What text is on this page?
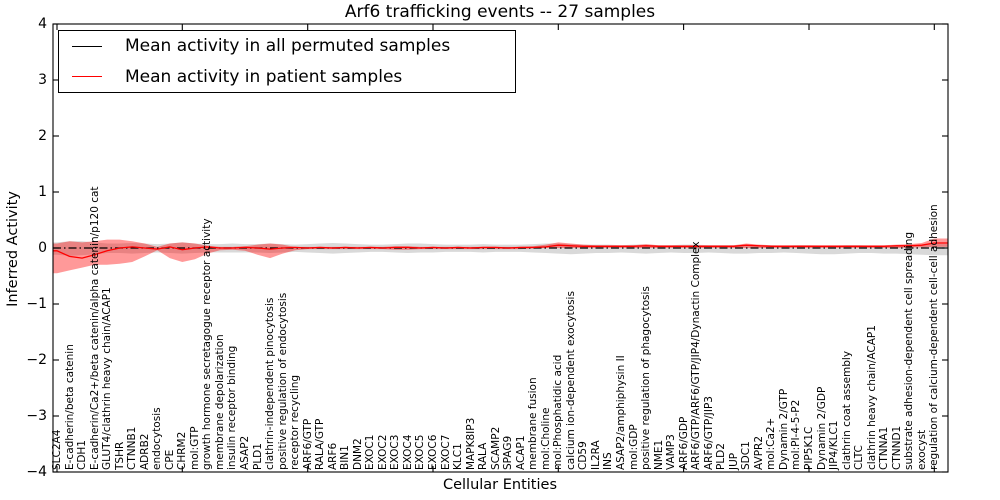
Arf6 trafficking events -- 27 samples
Inferred Activity
Cellular Entities
4
3
2
1
0
−1
−2
−3
−4
SLC2A4 E-cadherin/beta catenin CDH1 E-cadherin/Ca2+/beta catenin/alpha catenin/p120 cat GLUT4/clathrin heavy chain/ACAP1 TSHR CTNNB1 ADRB2 endocytosis CPE CHRM2 mol:GTP growth hormone secretagogue receptor activity membrane depolarization insulin receptor binding ASAP2 PLD1 clathrin-independent pinocytosis positive regulation of endocytosis receptor recycling ARF6/GTP RALA/GTP ARF6 BIN1 DNM2 EXOC1 EXOC2 EXOC3 EXOC4 EXOC5 EXOC6 EXOC7 KLC1 MAPK8IP3 RALA SCAMP2 SPAG9 ACAP1 membrane fusion mol:Choline mol:Phosphatidic acid calcium ion-dependent exocytosis CD59 IL2RA INS ASAP2/amphiphysin II mol:GDP positive regulation of phagocytosis NME1 VAMP3 ARF6/GDP ARF6/GTP/ARF6/GTP/JIP4/Dynactin Complex ARF6/GTP/JIP3 PLD2 JUP SDC1 AVPR2 mol:Ca2+ Dynamin 2/GTP mol:PI-4-5-P2 PIP5K1C Dynamin 2/GDP JIP4/KLC1 clathrin coat assembly CLTC clathrin heavy chain/ACAP1 CTNNA1 CTNND1 substrate adhesion-dependent cell spreading exocyst regulation of calcium-dependent cell-cell adhesion
Mean activity in all permuted samples
Mean activity in patient samples
